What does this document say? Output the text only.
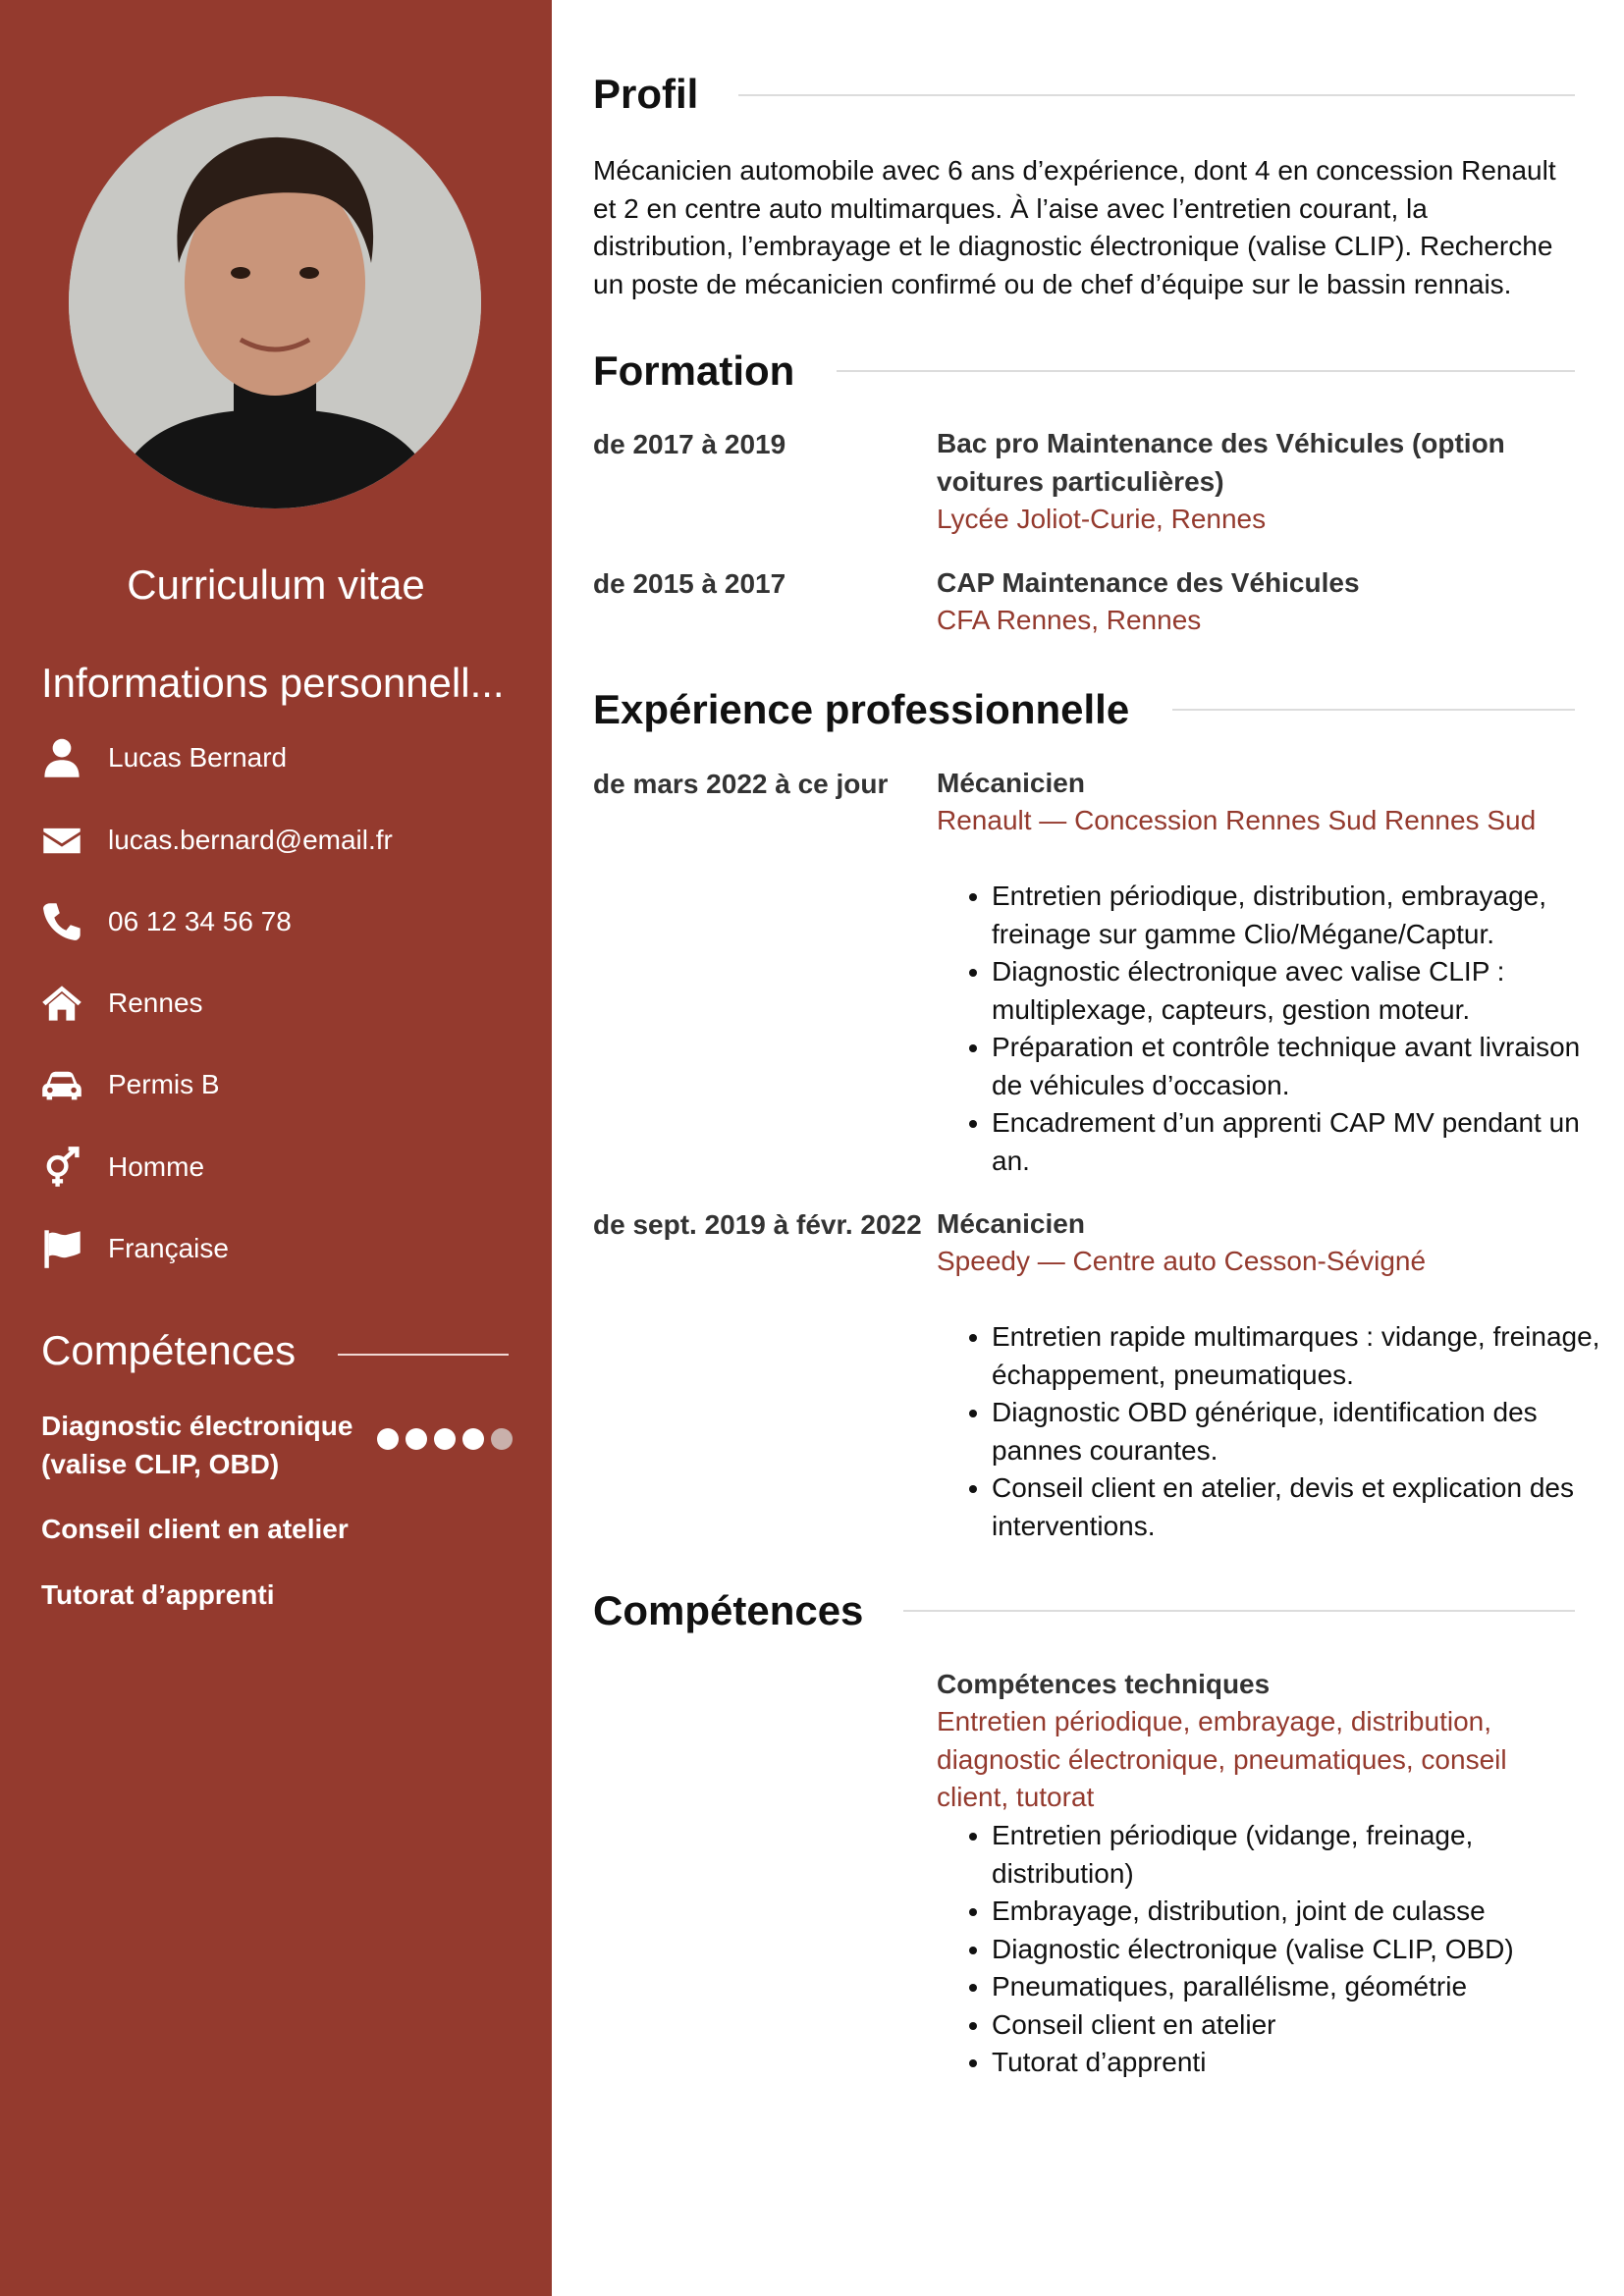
Curriculum vitae
Informations personnell...
Lucas Bernard
lucas.bernard@email.fr
06 12 34 56 78
Rennes
Permis B
Homme
Française
Compétences
Diagnostic électronique (valise CLIP, OBD)
Conseil client en atelier
Tutorat d’apprenti
Profil
Mécanicien automobile avec 6 ans d’expérience, dont 4 en concession Renault et 2 en centre auto multimarques. À l’aise avec l’entretien courant, la distribution, l’embrayage et le diagnostic électronique (valise CLIP). Recherche un poste de mécanicien confirmé ou de chef d’équipe sur le bassin rennais.
Formation
de 2017 à 2019	Bac pro Maintenance des Véhicules (option voitures particulières)
Lycée Joliot-Curie, Rennes
de 2015 à 2017	CAP Maintenance des Véhicules
CFA Rennes, Rennes
Expérience professionnelle
de mars 2022 à ce jour Mécanicien
Renault — Concession Rennes Sud Rennes Sud
• Entretien périodique, distribution, embrayage, freinage sur gamme Clio/Mégane/Captur.
• Diagnostic électronique avec valise CLIP : multiplexage, capteurs, gestion moteur.
• Préparation et contrôle technique avant livraison de véhicules d’occasion.
• Encadrement d’un apprenti CAP MV pendant un an.
de sept. 2019 à févr. 2022 Mécanicien
Speedy — Centre auto Cesson-Sévigné
• Entretien rapide multimarques : vidange, freinage, échappement, pneumatiques.
• Diagnostic OBD générique, identification des pannes courantes.
• Conseil client en atelier, devis et explication des interventions.
Compétences
Compétences techniques
Entretien périodique, embrayage, distribution, diagnostic électronique, pneumatiques, conseil client, tutorat
• Entretien périodique (vidange, freinage, distribution)
• Embrayage, distribution, joint de culasse
• Diagnostic électronique (valise CLIP, OBD)
• Pneumatiques, parallélisme, géométrie
• Conseil client en atelier
• Tutorat d’apprenti
